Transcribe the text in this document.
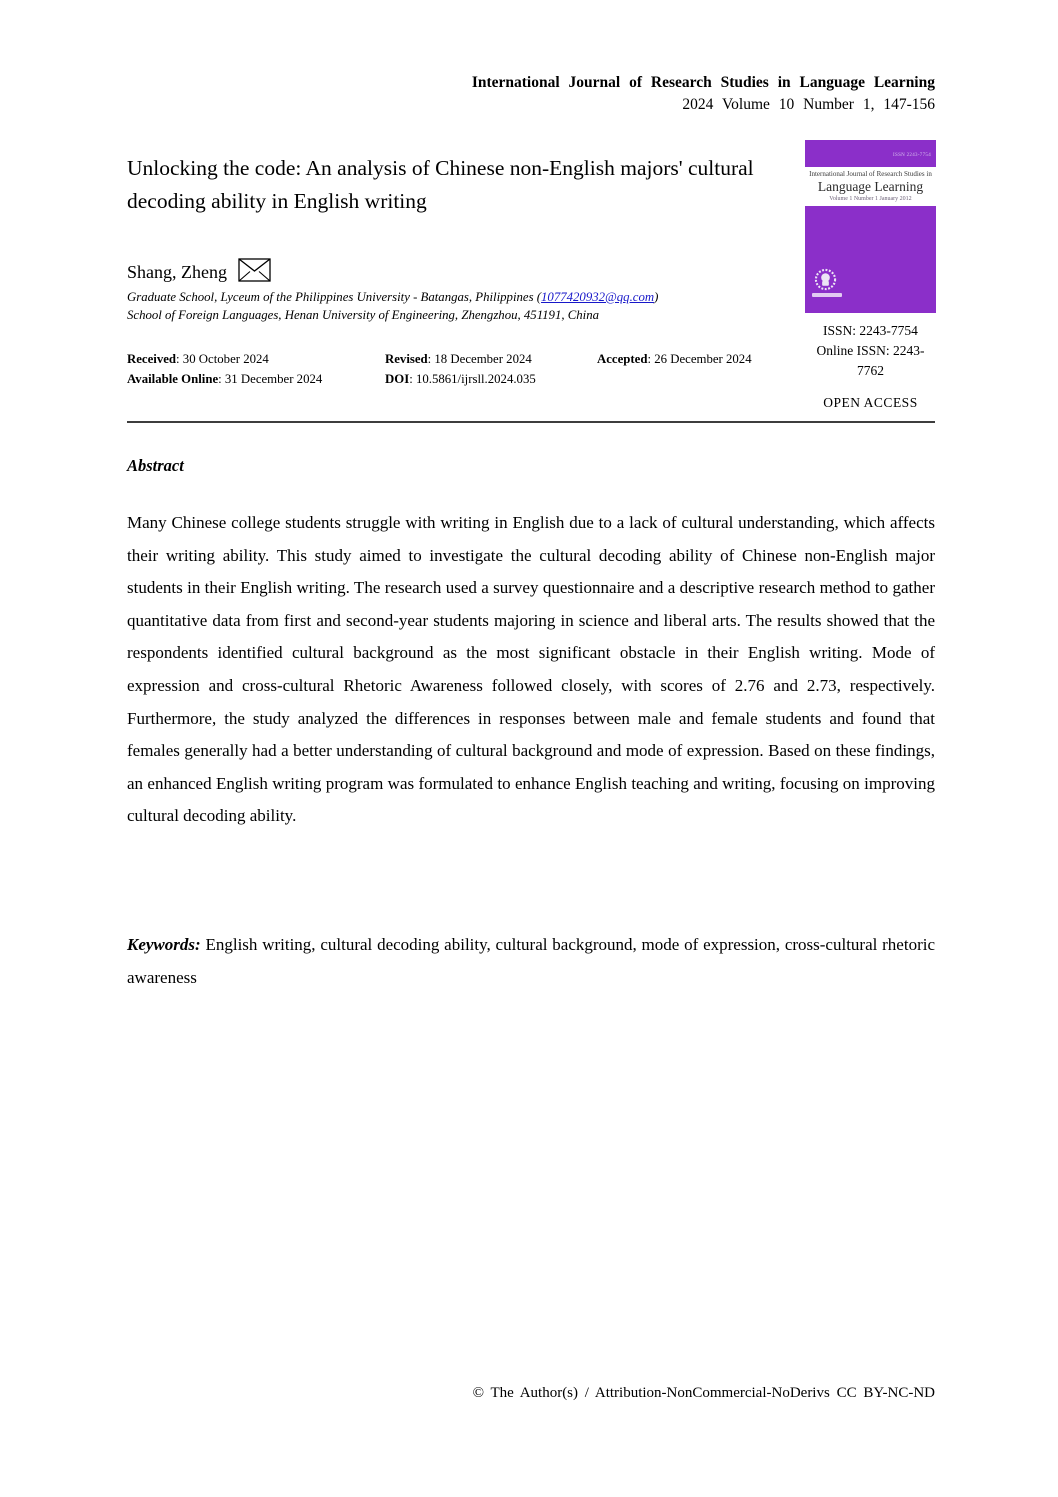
International Journal of Research Studies in Language Learning
2024 Volume 10 Number 1, 147-156
ISSN 2243-7754
International Journal of Research Studies in
Language Learning
Volume 1 Number 1 January 2012
ISSN: 2243-7754
Online ISSN: 2243-7762
OPEN ACCESS
Unlocking the code: An analysis of Chinese non-English majors' cultural decoding ability in English writing
Shang, Zheng
Graduate School, Lyceum of the Philippines University - Batangas, Philippines (1077420932@qq.com)
School of Foreign Languages, Henan University of Engineering, Zhengzhou, 451191, China
Received: 30 October 2024	Revised: 18 December 2024	Accepted: 26 December 2024
Available Online: 31 December 2024	DOI: 10.5861/ijrsll.2024.035
Abstract

Many Chinese college students struggle with writing in English due to a lack of cultural understanding, which affects their writing ability. This study aimed to investigate the cultural decoding ability of Chinese non-English major students in their English writing. The research used a survey questionnaire and a descriptive research method to gather quantitative data from first and second-year students majoring in science and liberal arts. The results showed that the respondents identified cultural background as the most significant obstacle in their English writing. Mode of expression and cross-cultural Rhetoric Awareness followed closely, with scores of 2.76 and 2.73, respectively. Furthermore, the study analyzed the differences in responses between male and female students and found that females generally had a better understanding of cultural background and mode of expression. Based on these findings, an enhanced English writing program was formulated to enhance English teaching and writing, focusing on improving cultural decoding ability.

Keywords: English writing, cultural decoding ability, cultural background, mode of expression, cross-cultural rhetoric awareness

© The Author(s) / Attribution-NonCommercial-NoDerivs CC BY-NC-ND
